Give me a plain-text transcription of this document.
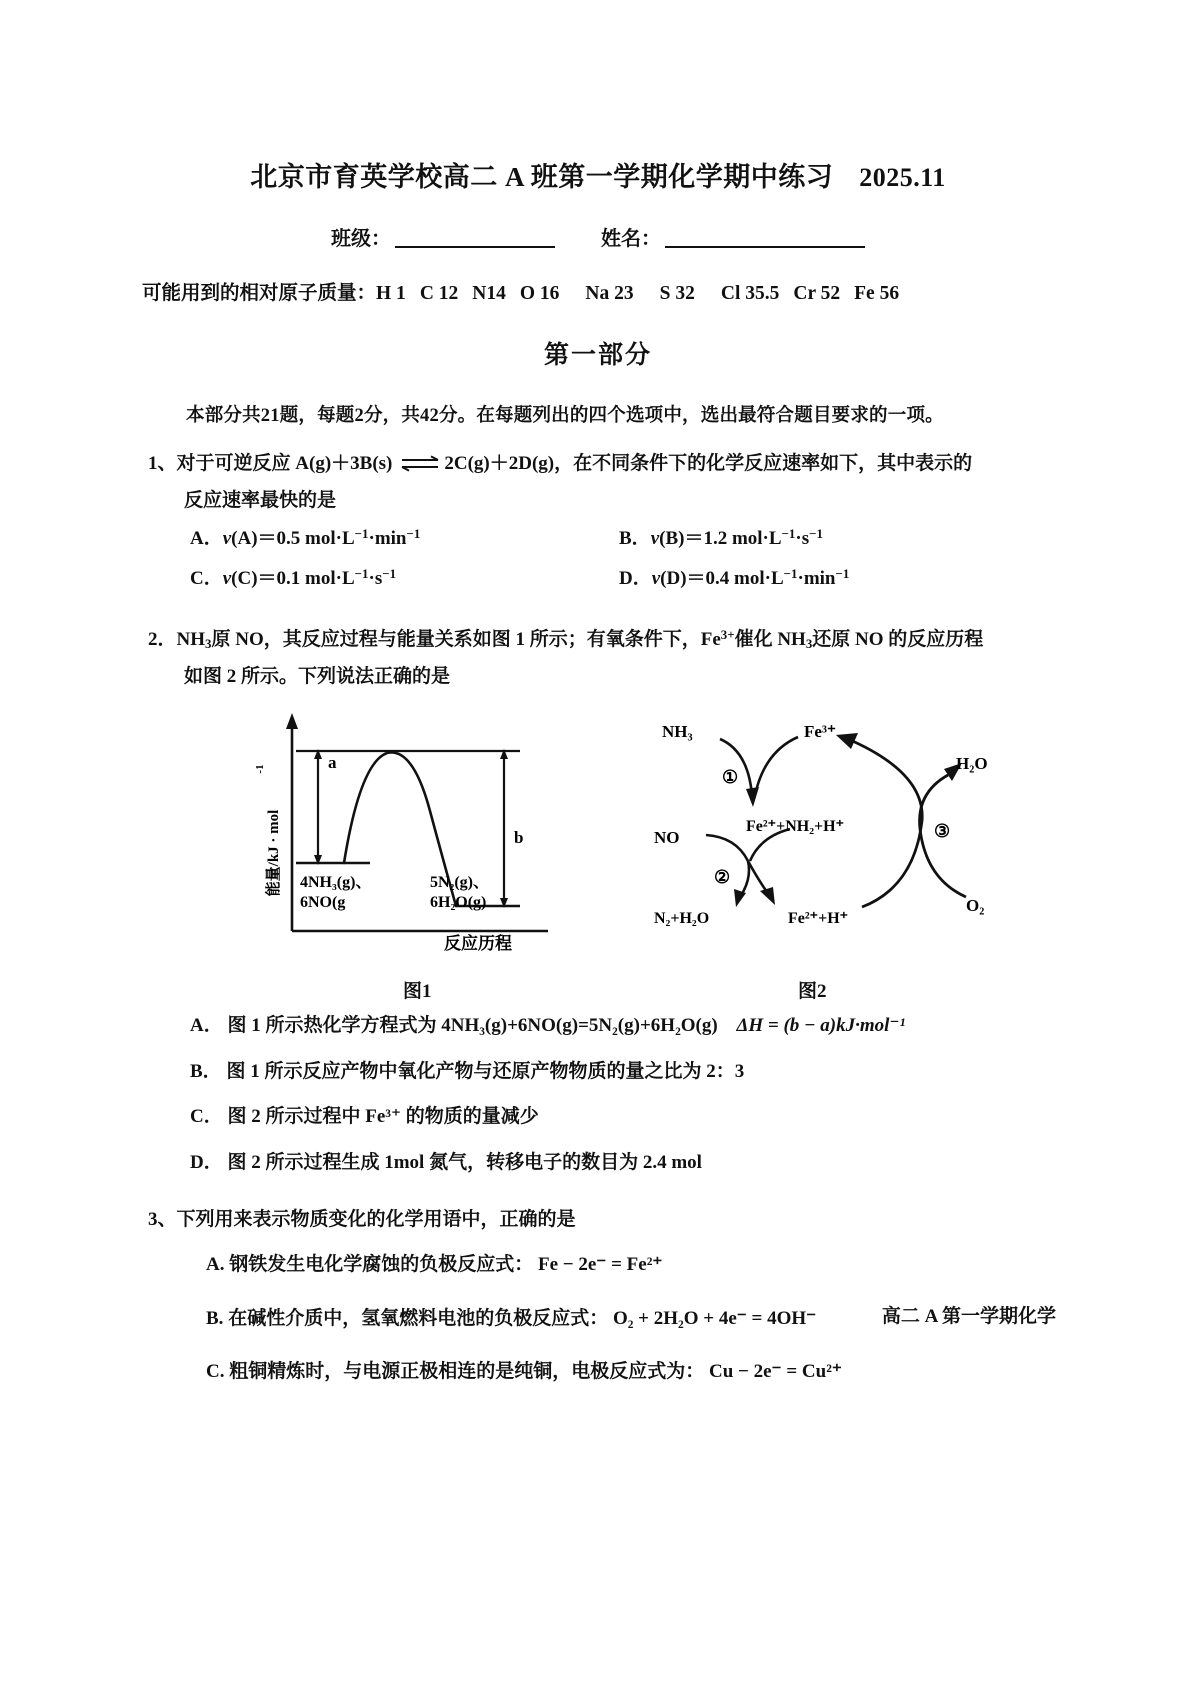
北京市育英学校高二 A 班第一学期化学期中练习 2025.11
班级：	姓名：
可能用到的相对原子质量：H 1 C 12 N14 O 16 Na 23 S 32 Cl 35.5 Cr 52 Fe 56
第一部分
本部分共21题，每题2分，共42分。在每题列出的四个选项中，选出最符合题目要求的一项。
1、对于可逆反应 A(g)＋3B(s) ⇌ 2C(g)＋2D(g)，在不同条件下的化学反应速率如下，其中表示的
反应速率最快的是
A．v(A)＝0.5 $mol\cdot L^{-1}\cdot\min^{-1}$	B．v(B)＝1.2 $mol\cdot L^{-1}\cdot s^{-1}$
C．v(C)＝0.1 $mol\cdot L^{-1}\cdot s^{-1}$	D．v(D)＝0.4 $mol\cdot L^{-1}\cdot\min^{-1}$
2．$NH_3$原 NO，其反应过程与能量关系如图 1 所示；有氧条件下，$Fe^{3+}$催化 $NH_3$还原 NO 的反应历程
如图 2 所示。下列说法正确的是
能量/kJ · mol
-1	a
b
4NH₃(g)、
6NO(g
5N₂(g)、
6H₂O(g)
反应历程
NH₃	Fe³⁺
H₂O
O₂
NO
Fe²⁺+NH₂+H⁺
N₂+H₂O	Fe²⁺+H⁺
①
②
③
图1	图2
A． 图 1 所示热化学方程式为 4NH₃(g)+6NO(g)=5N₂(g)+6H₂O(g) ΔH = (b − a)kJ·mol⁻¹
B． 图 1 所示反应产物中氧化产物与还原产物物质的量之比为 2：3
C． 图 2 所示过程中 Fe³⁺ 的物质的量减少
D． 图 2 所示过程生成 1mol 氮气，转移电子的数目为 2.4 mol
3、下列用来表示物质变化的化学用语中，正确的是
A. 钢铁发生电化学腐蚀的负极反应式： Fe − 2e⁻ = Fe²⁺
B. 在碱性介质中，氢氧燃料电池的负极反应式： O₂ + 2H₂O + 4e⁻ = 4OH⁻
C. 粗铜精炼时，与电源正极相连的是纯铜，电极反应式为： Cu − 2e⁻ = Cu²⁺
高二 A 第一学期化学
